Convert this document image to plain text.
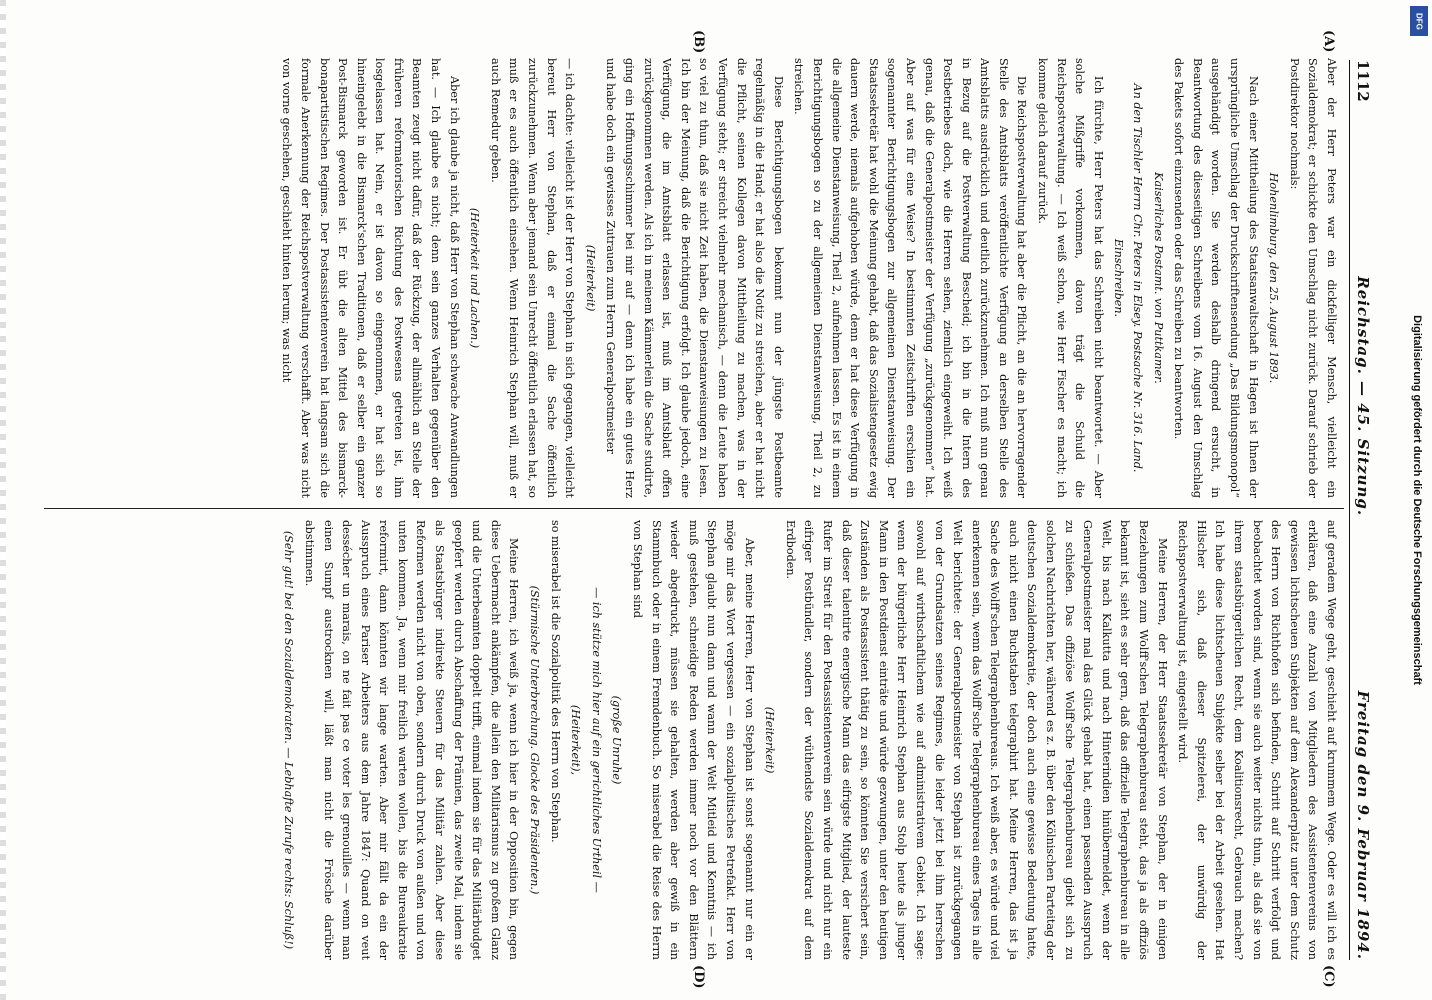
1112
Reichstag. — 45. Sitzung.
Freitag den 9. Februar 1894.
(A)
(B)
(C)
(D)

Aber der Herr Peters war ein dickfelliger Mensch, vielleicht ein Sozialdemokrat; er schickte den Umschlag nicht zurück. Darauf schrieb der Postdirektor nochmals:

Hohenlimburg, den 25. August 1893.

Nach einer Mittheilung des Staatsanwaltschaft in Hagen ist Ihnen der ursprüngliche Umschlag der Druckschriftensendung „Das Bildungsmonopol“ ausgehändigt worden. Sie werden deshalb dringend ersucht, in Beantwortung des diesseitigen Schreibens vom 16. August den Umschlag des Pakets sofort einzusenden oder das Schreiben zu beantworten.

Kaiserliches Postamt. von Puttkamer.

An den Tischler Herrn Chr. Peters in Elsey. Postsache Nr. 316. Land. Einschreiben.

Ich fürchte, Herr Peters hat das Schreiben nicht beantwortet. — Aber solche Mißgriffe vorkommen, davon trägt die Schuld die Reichspostverwaltung. — Ich weiß schon, wie Herr Fischer es macht; ich komme gleich darauf zurück.

Die Reichspostverwaltung hat aber die Pflicht, an die an hervorragender Stelle des Amtsblatts veröffentlichte Verfügung an derselben Stelle des Amtsblatts ausdrücklich und deutlich zurückzunehmen. Ich muß nun genau in Bezug auf die Postverwaltung Bescheid; ich bin in die Intern des Postbetriebes doch, wie die Herren sehen, ziemlich eingeweiht. Ich weiß genau, daß die Generalpostmeister der Verfügung „zurückgenommen“ hat. Aber auf was für eine Weise? In bestimmten Zeitschriften erschien ein sogenannter Berichtigungsbogen zur allgemeinen Dienstanweisung. Der Staatssekretär hat wohl die Meinung gehabt, daß das Sozialistengesetz ewig dauern werde, niemals aufgehoben würde, denn er hat diese Verfügung in die allgemeine Dienstanweisung, Theil 2, aufnehmen lassen. Es ist in einem Berichtigungsbogen so zu der allgemeinen Dienstanweisung, Theil 2, zu streichen.

Diese Berichtigungsbogen bekommt nun der jüngste Postbeamte regelmäßig in die Hand; er hat also die Notiz zu streichen, aber er hat nicht die Pflicht, seinen Kollegen davon Mittheilung zu machen, was in der Verfügung steht; er streicht vielmehr mechanisch, — denn die Leute haben so viel zu thun, daß sie nicht Zeit haben, die Dienstanweisungen zu lesen. Ich bin der Meinung, daß die Berichtigung erfolgt. Ich glaube jedoch, eine Verfügung, die im Amtsblatt erlassen ist, muß im Amtsblatt offen zurückgenommen werden. Als ich in meinem Kämmerlein die Sache studirte, ging ein Hoffnungsschimmer bei mir auf — denn ich habe ein gutes Herz und habe doch ein gewisses Zutrauen zum Herrn Generalpostmeister

(Heiterkeit)

— ich dachte: vielleicht ist der Herr von Stephan in sich gegangen, vielleicht bereut Herr von Stephan, daß er einmal die Sache öffentlich zurückzunehmen. Wenn aber jemand sein Unrecht öffentlich erlassen hat, so muß er es auch öffentlich einsehen. Wenn Heinrich Stephan will, muß er auch Remedur geben.

(Heiterkeit und Lachen.)

Aber ich glaube ja nicht, daß Herr von Stephan schwache Anwandlungen hat. — Ich glaube es nicht; denn sein ganzes Verhalten gegenüber den Beamten zeugt nicht dafür, daß der Rückzug, der allmählich an Stelle der früheren reformatorischen Richtung des Postwesens getreten ist, ihm losgelassen hat. Nein, er ist davon so eingenommen, er hat sich so hineingelebt in die Bismarck'schen Traditionen, daß er selber ein ganzer Post-Bismarck geworden ist. Er übt die alten Mittel des bismarck-bonapartistischen Regimes. Der Postassistentenverein hat langsam sich die formale Anerkennung der Reichspostverwaltung verschafft. Aber was nicht von vorne geschehen, geschieht hinten herum; was nicht

auf geradem Wege geht, geschieht auf krummem Wege. Oder es will ich es erklären, daß eine Anzahl von Mitgliedern des Assistentenvereins von gewissen lichtscheuen Subjekten auf dem Alexanderplatz unter dem Schutz des Herrn von Richthofen sich befinden, Schritt auf Schritt verfolgt und beobachtet worden sind, wenn sie auch weiter nichts thun, als daß sie von ihrem staatsbürgerlichen Recht, dem Koalitionsrecht, Gebrauch machen? Ich habe diese lichtscheuen Subjekte selber bei der Arbeit gesehen. Hat Hilscher sich, daß dieser Spitzelerei, der unwürdig der Reichspostverwaltung ist, eingestellt wird.

Meine Herren, der Herr Staatssekretär von Stephan, der in einigen Beziehungen zum Wolff'schen Telegraphenbureau steht, das ja als offiziös bekannt ist, sieht es sehr gern, daß das offizielle Telegraphenbureau in alle Welt, bis nach Kalkutta und nach Hinterindien hinübermeldet, wenn der Generalpostmeister mal das Glück gehabt hat, einen passenden Ausspruch zu schießen. Das offiziöse Wolff'sche Telegraphenbureau giebt sich zu solchen Nachrichten her, während es z. B. über den Kölnischen Parteitag der deutschen Sozialdemokratie, der doch auch eine gewisse Bedeutung hatte, auch nicht einen Buchstaben telegraphirt hat. Meine Herren, das ist ja Sache des Wolff'schen Telegraphenbureaus. Ich weiß aber, es würde und viel anerkennen sein, wenn das Wolff'sche Telegraphenbureau eines Tages in alle Welt berichtete: der Generalpostmeister von Stephan ist zurückgegangen von der Grundsatzen seines Regimes, die leider jetzt bei ihm herrschen sowohl auf wirthschaftlichem wie auf administrativem Gebiet. Ich sage: wenn der bürgerliche Herr Heinrich Stephan aus Stolp heute als junger Mann in den Postdienst einträte und würde gezwungen, unter den heutigen Zuständen als Postassistent thätig zu sein, so könnten Sie versichert sein, daß dieser talentirte energische Mann das eifrigste Mitglied, der lauteste Rufer im Streit für den Postassistentenverein sein würde und nicht nur ein eifriger Postbündler, sondern der wüthendste Sozialdemokrat auf dem Erdboden.

(Heiterkeit)

Aber, meine Herren, Herr von Stephan ist sonst sogenannt nur ein er möge mir das Wort vergessen — ein sozialpolitisches Petrefakt. Herr von Stephan glaubt nun dann und wann der Welt Mitleid und Kenntnis — ich muß gestehen, schneidige Reden werden immer noch vor den Blättern wieder abgedruckt, müssen sie gehalten, werden aber gewiß in ein Stammbuch oder in einem Fremdenbuch. So miserabel die Reise des Herrn von Stephan sind

(große Unruhe)

— ich stütze mich hier auf ein gerichtliches Urtheil —

(Heiterkeit),

so miserabel ist die Sozialpolitik des Herrn von Stephan.

(Stürmische Unterbrechung. Glocke des Präsidenten.)

Meine Herren, ich weiß ja, wenn ich hier in der Opposition bin, gegen diese Uebermacht ankämpfen, die allein den Militarismus zu großem Glanz und die Unterbeamten doppelt trifft, einmal indem sie für das Militärbudget geopfert werden durch Abschaffung der Prämien, das zweite Mal, indem sie als Staatsbürger indirekte Steuern für das Militär zahlen. Aber diese Reformen werden nicht von oben, sondern durch Druck von außen und von unten kommen. Ja, wenn mir freilich warten wollen, bis die Bureaukratie reformirt, dann könnten wir lange warten. Aber mir fällt da ein der Ausspruch eines Pariser Arbeiters aus dem Jahre 1847: Quand on veut dessécher un marais, on ne fait pas ce voter les grenouilles — wenn man einen Sumpf austrocknen will, läßt man nicht die Frösche darüber abstimmen.

(Sehr gut! bei den Sozialdemokraten. — Lebhafte Zurufe rechts: Schluß!)

DFG
Digitalisierung gefördert durch die Deutsche Forschungsgemeinschaft
